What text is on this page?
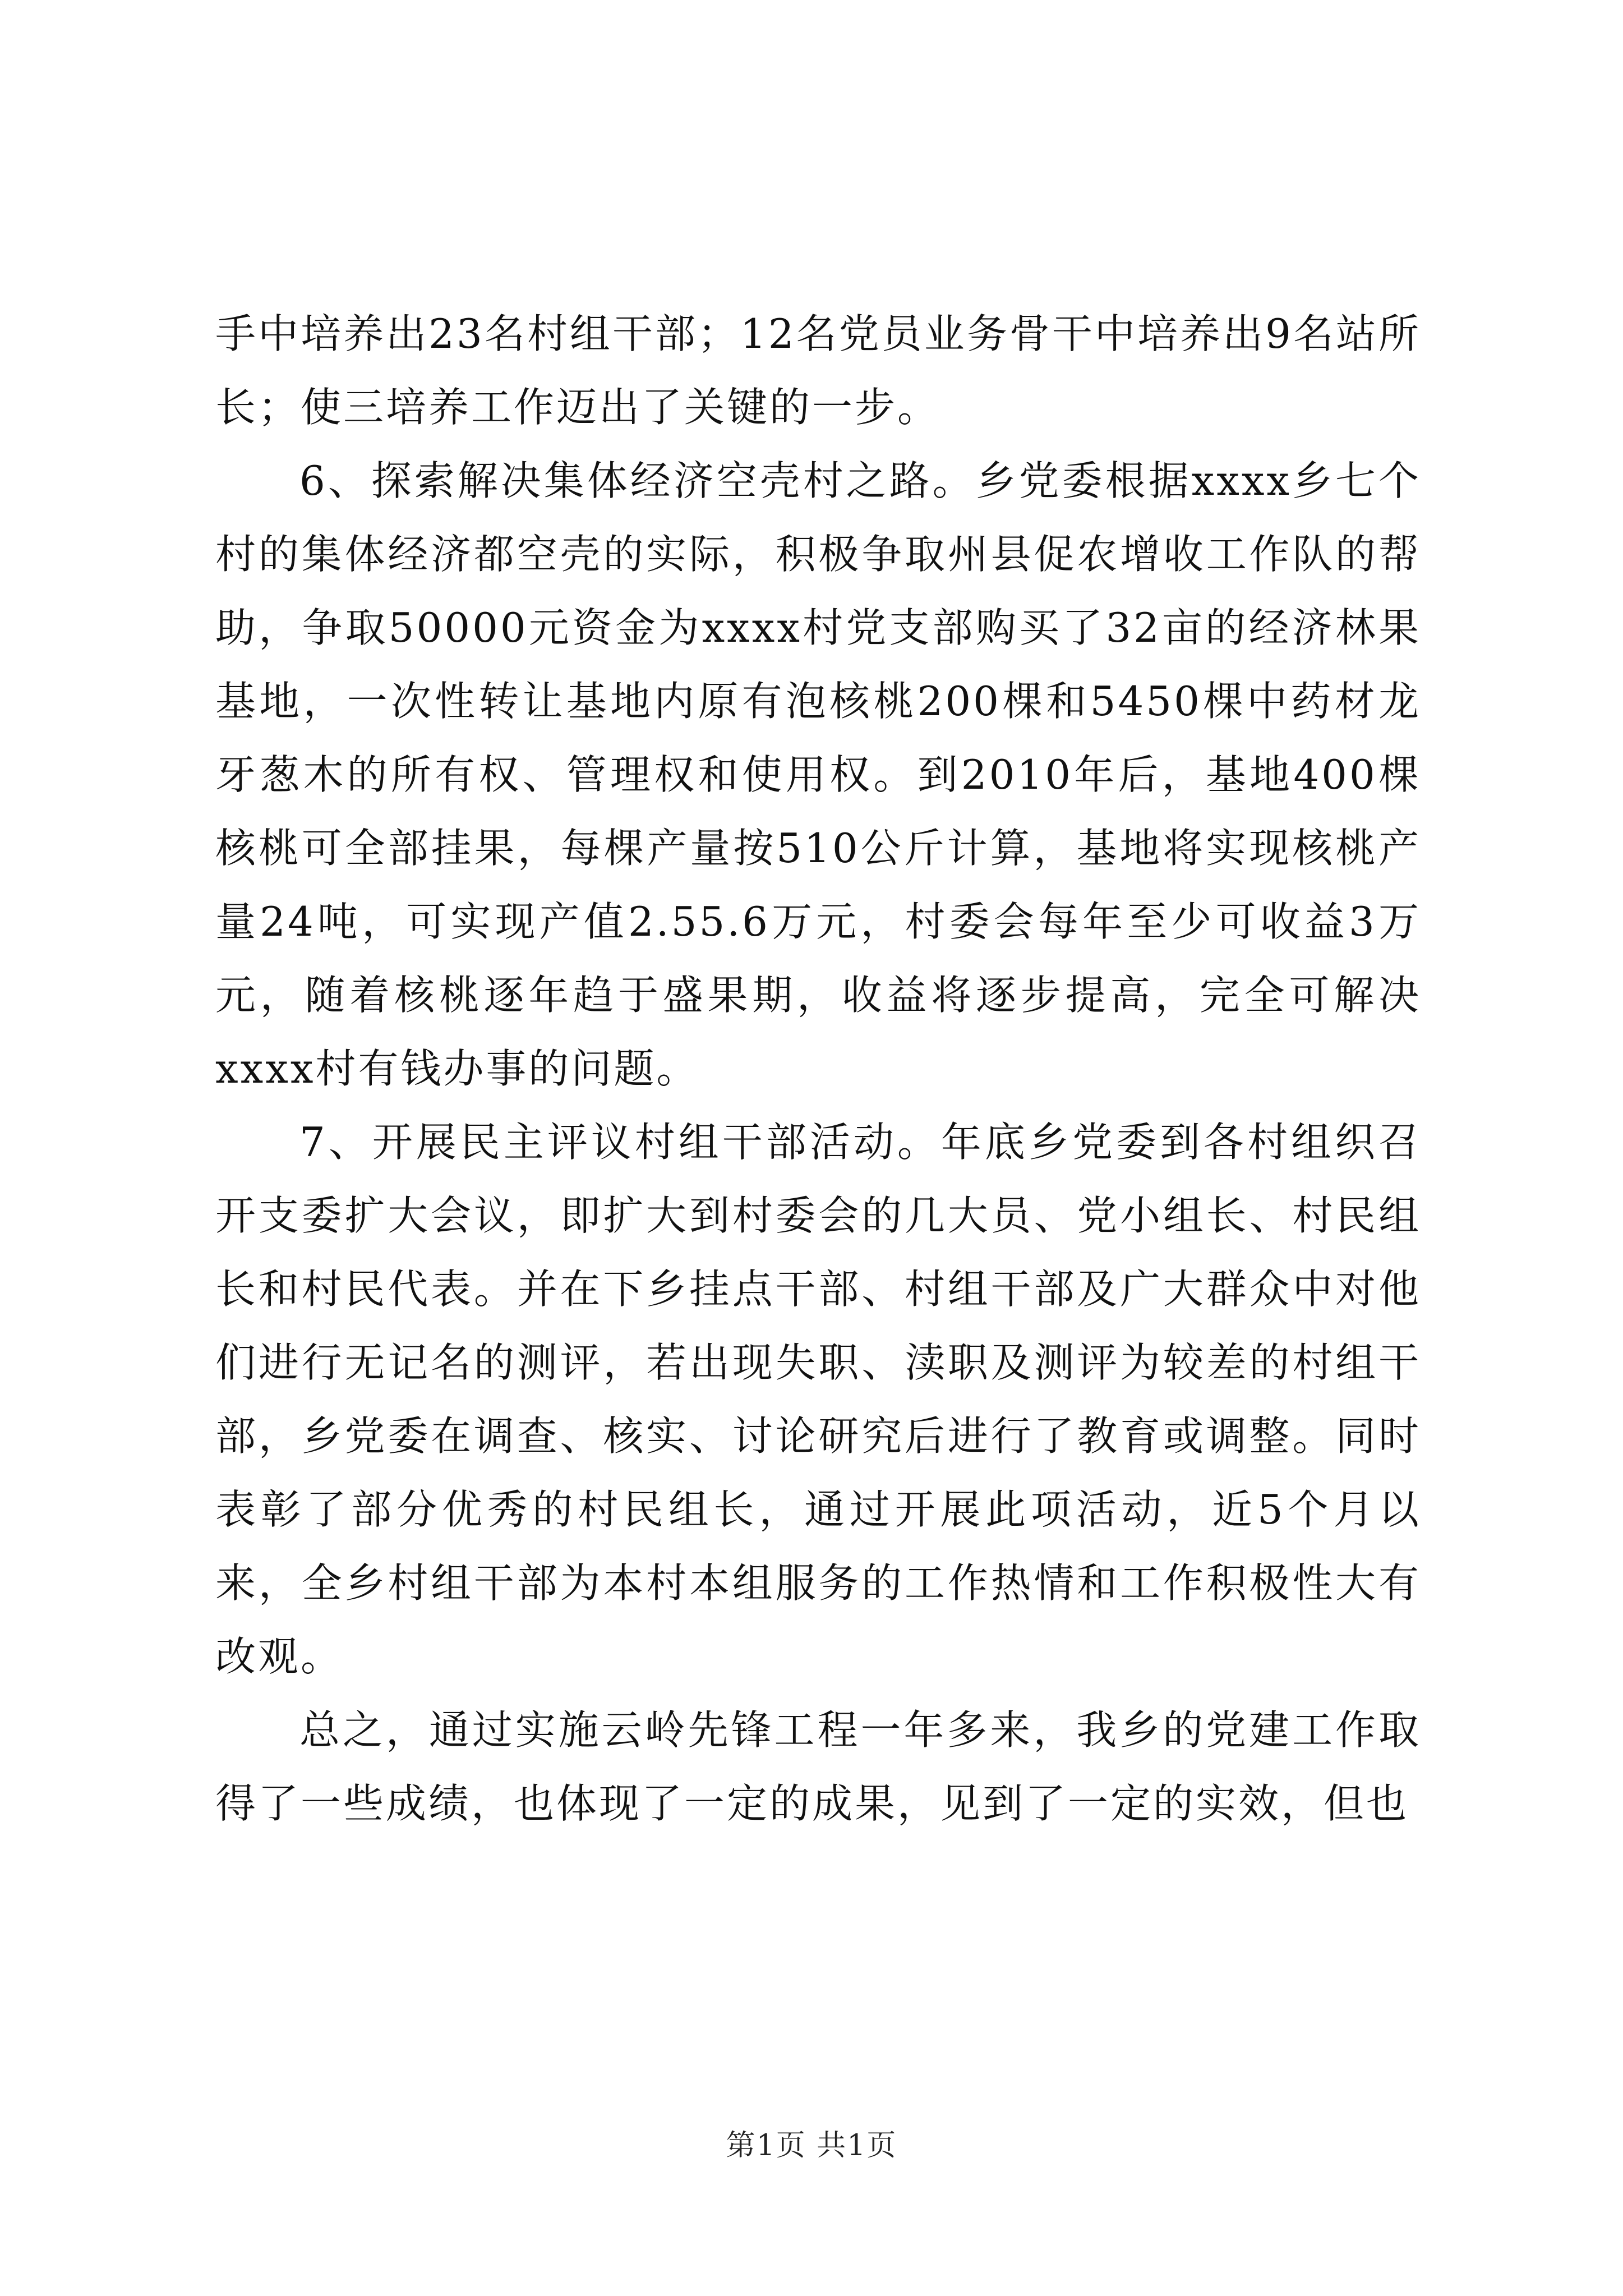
手中培养出23名村组干部；12名党员业务骨干中培养出9名站所长；使三培养工作迈出了关键的一步。

6、探索解决集体经济空壳村之路。乡党委根据xxxx乡七个村的集体经济都空壳的实际，积极争取州县促农增收工作队的帮助，争取50000元资金为xxxx村党支部购买了32亩的经济林果基地，一次性转让基地内原有泡核桃200棵和5450棵中药材龙牙葱木的所有权、管理权和使用权。到2010年后，基地400棵核桃可全部挂果，每棵产量按510公斤计算，基地将实现核桃产量24吨，可实现产值2.55.6万元，村委会每年至少可收益3万元，随着核桃逐年趋于盛果期，收益将逐步提高，完全可解决xxxx村有钱办事的问题。

7、开展民主评议村组干部活动。年底乡党委到各村组织召开支委扩大会议，即扩大到村委会的几大员、党小组长、村民组长和村民代表。并在下乡挂点干部、村组干部及广大群众中对他们进行无记名的测评，若出现失职、渎职及测评为较差的村组干部，乡党委在调查、核实、讨论研究后进行了教育或调整。同时表彰了部分优秀的村民组长，通过开展此项活动，近5个月以来，全乡村组干部为本村本组服务的工作热情和工作积极性大有改观。

总之，通过实施云岭先锋工程一年多来，我乡的党建工作取得了一些成绩，也体现了一定的成果，见到了一定的实效，但也

第1页 共1页
